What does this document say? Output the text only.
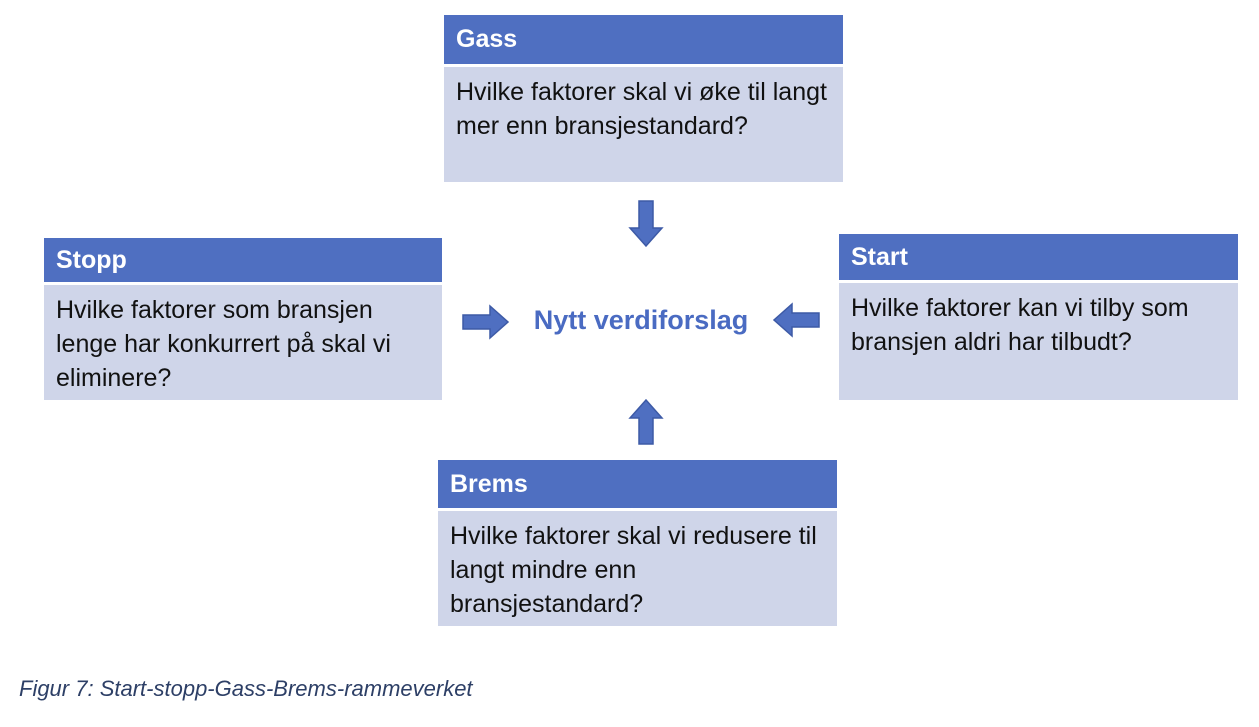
Gass
Hvilke faktorer skal vi øke til langt mer enn bransjestandard?
Stopp
Hvilke faktorer som bransjen lenge har konkurrert på skal vi eliminere?
Start
Hvilke faktorer kan vi tilby som bransjen aldri har tilbudt?
Brems
Hvilke faktorer skal vi redusere til langt mindre enn bransjestandard?
Nytt verdiforslag
Figur 7: Start-stopp-Gass-Brems-rammeverket
